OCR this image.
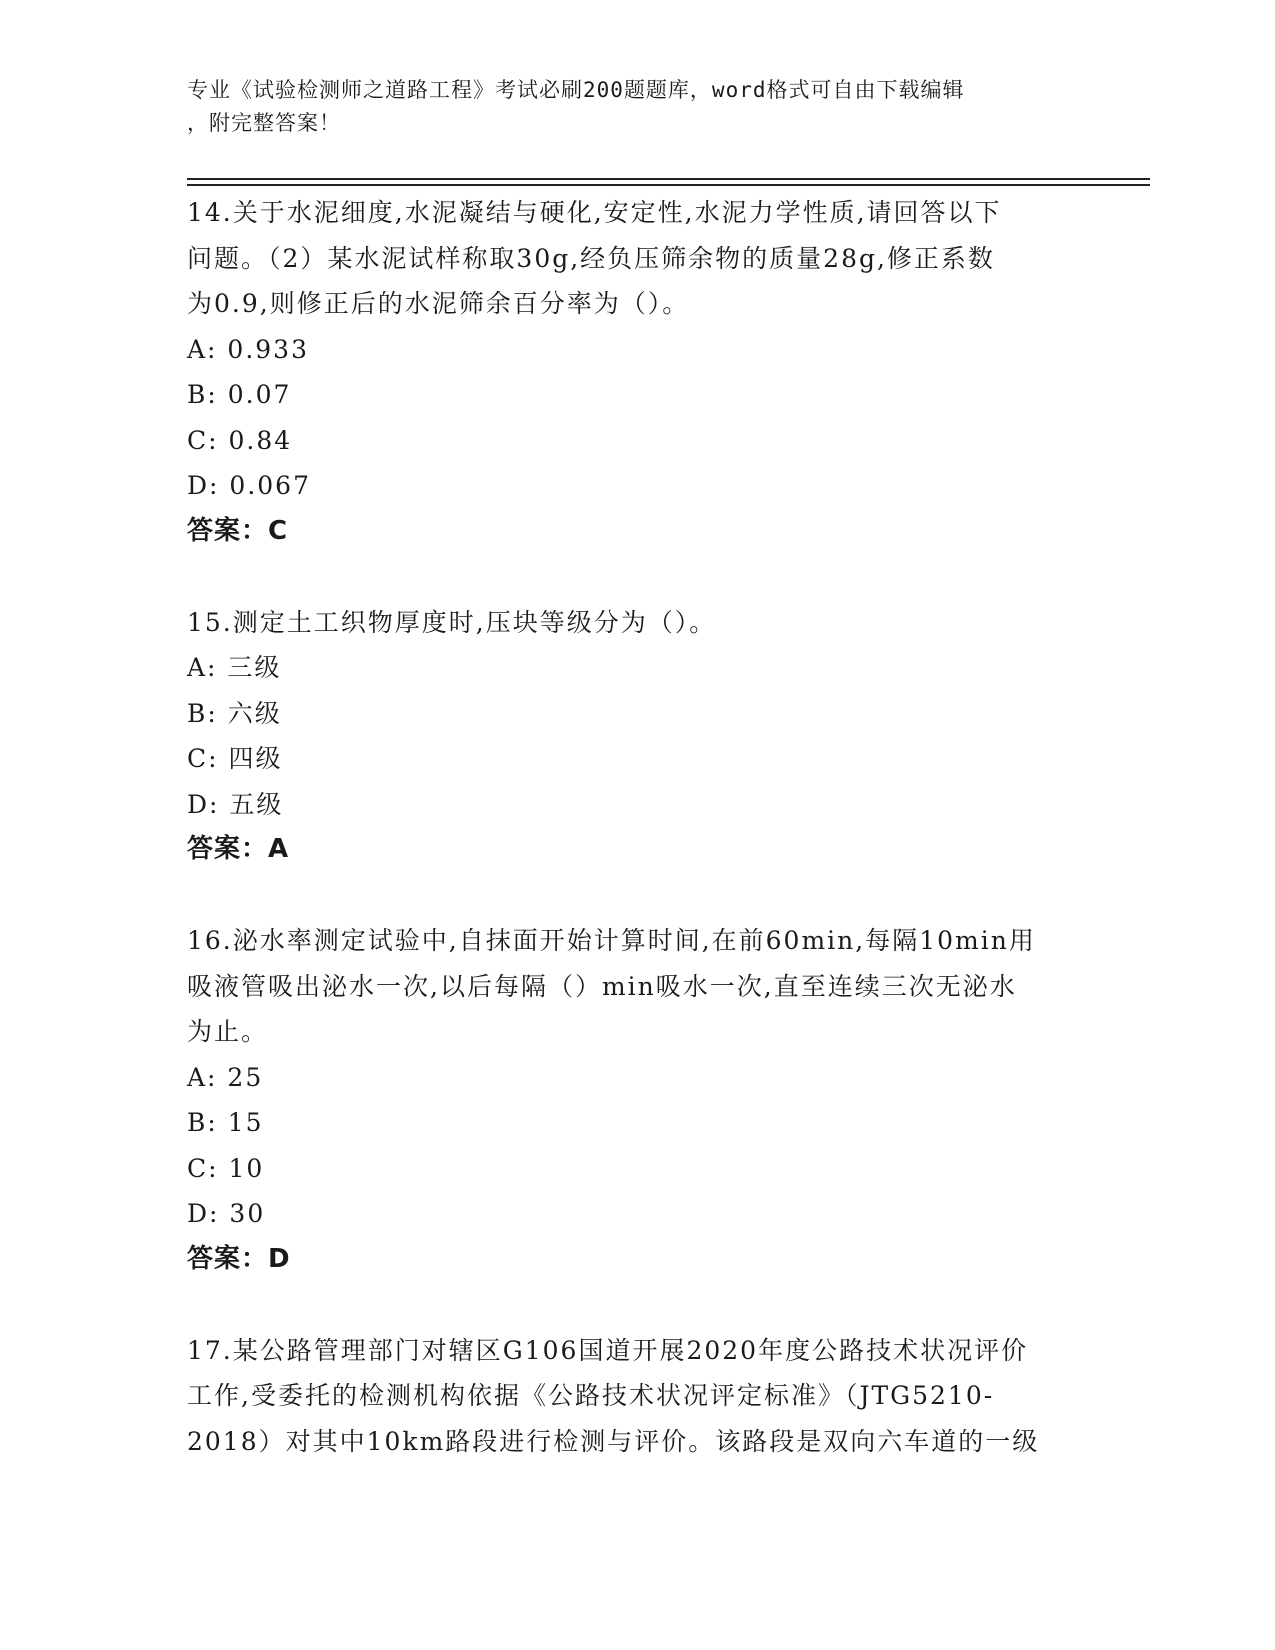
专业《试验检测师之道路工程》考试必刷200题题库，word格式可自由下载编辑
，附完整答案！

14.关于水泥细度,水泥凝结与硬化,安定性,水泥力学性质,请回答以下

问题。（2）某水泥试样称取30g,经负压筛余物的质量28g,修正系数

为0.9,则修正后的水泥筛余百分率为（）。

A: 0.933

B: 0.07

C: 0.84

D: 0.067

答案：C

15.测定土工织物厚度时,压块等级分为（）。

A: 三级

B: 六级

C: 四级

D: 五级

答案：A

16.泌水率测定试验中,自抹面开始计算时间,在前60min,每隔10min用

吸液管吸出泌水一次,以后每隔（）min吸水一次,直至连续三次无泌水

为止。

A: 25

B: 15

C: 10

D: 30

答案：D

17.某公路管理部门对辖区G106国道开展2020年度公路技术状况评价

工作,受委托的检测机构依据《公路技术状况评定标准》（JTG5210-

2018）对其中10km路段进行检测与评价。该路段是双向六车道的一级
